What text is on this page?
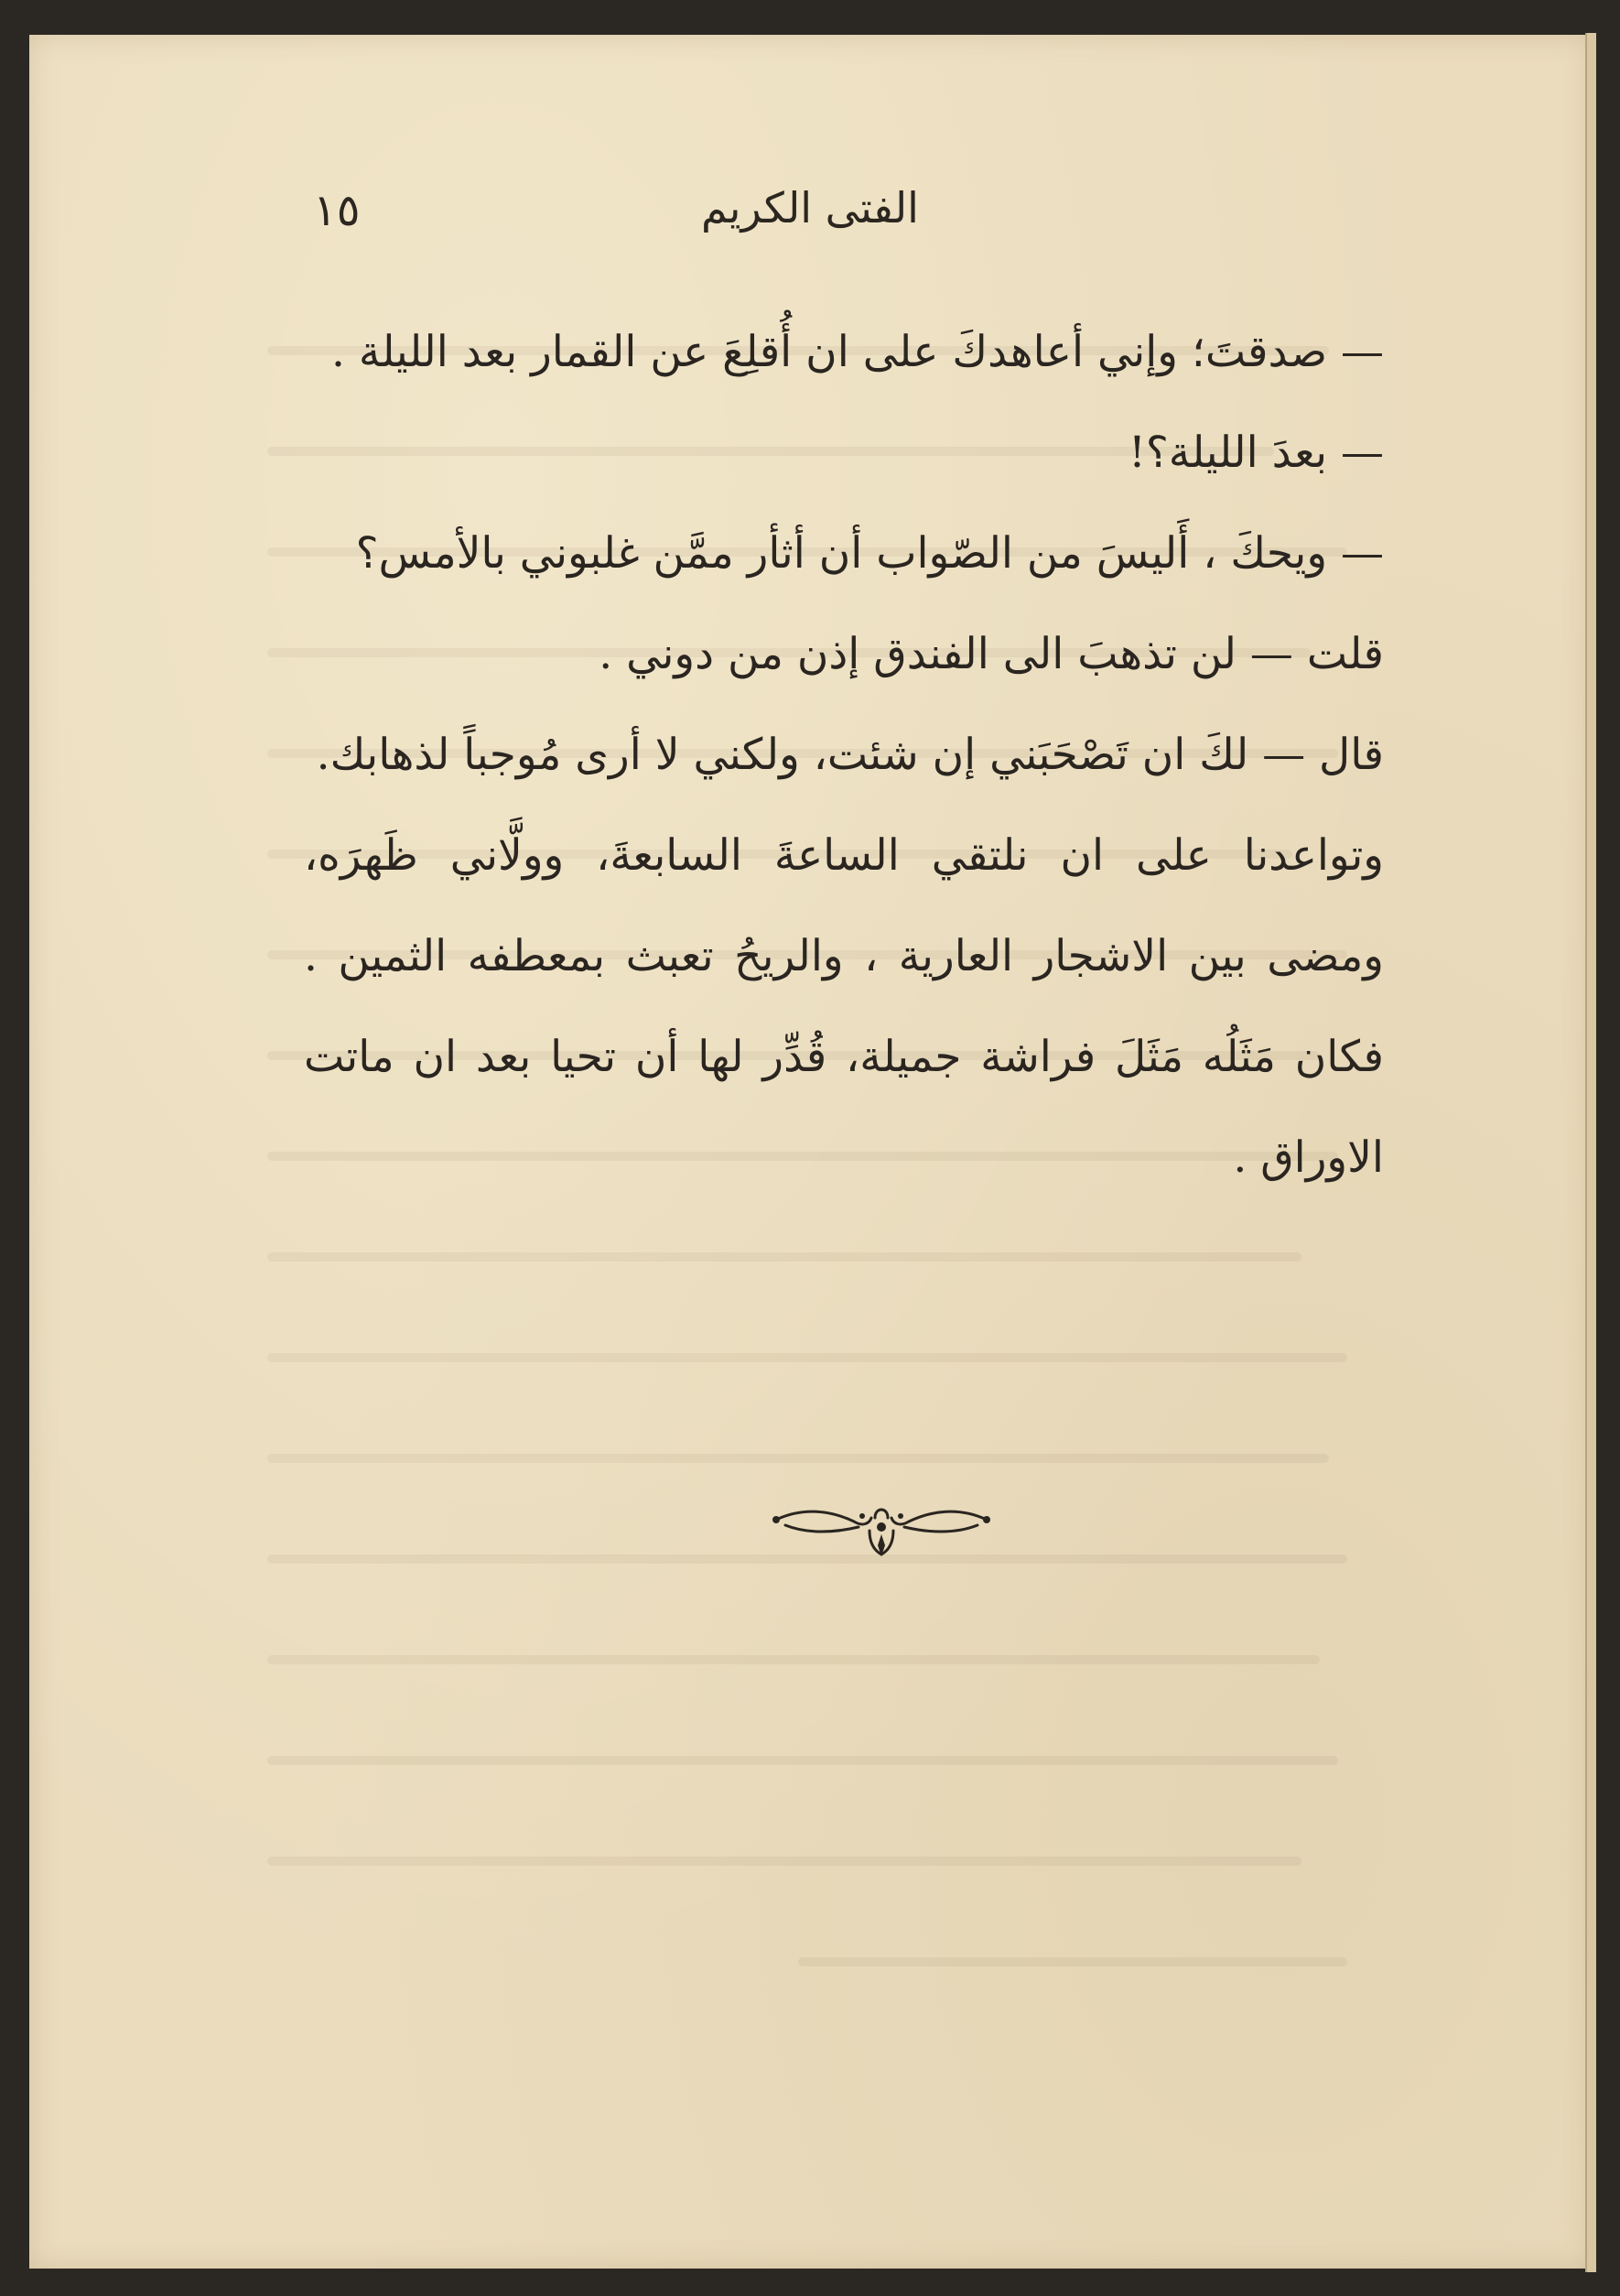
الفتى الكريم
١٥

— صدقتَ؛ وإني أعاهدكَ على ان أُقلِعَ عن القمار بعد الليلة .

— بعدَ الليلة؟!

— ويحكَ ، أَليسَ من الصّواب أن أثأر ممَّن غلبوني بالأمس؟

قلت — لن تذهبَ الى الفندق إذن من دوني .

قال — لكَ ان تَصْحَبَني إن شئت، ولكني لا أرى مُوجباً لذهابك.

وتواعدنا على ان نلتقي الساعةَ السابعةَ، وولَّاني ظَهرَه، ومضى بين الاشجار العارية ، والريحُ تعبث بمعطفه الثمين . فكان مَثَلُه مَثَلَ فراشة جميلة، قُدِّر لها أن تحيا بعد ان ماتت الاوراق .
